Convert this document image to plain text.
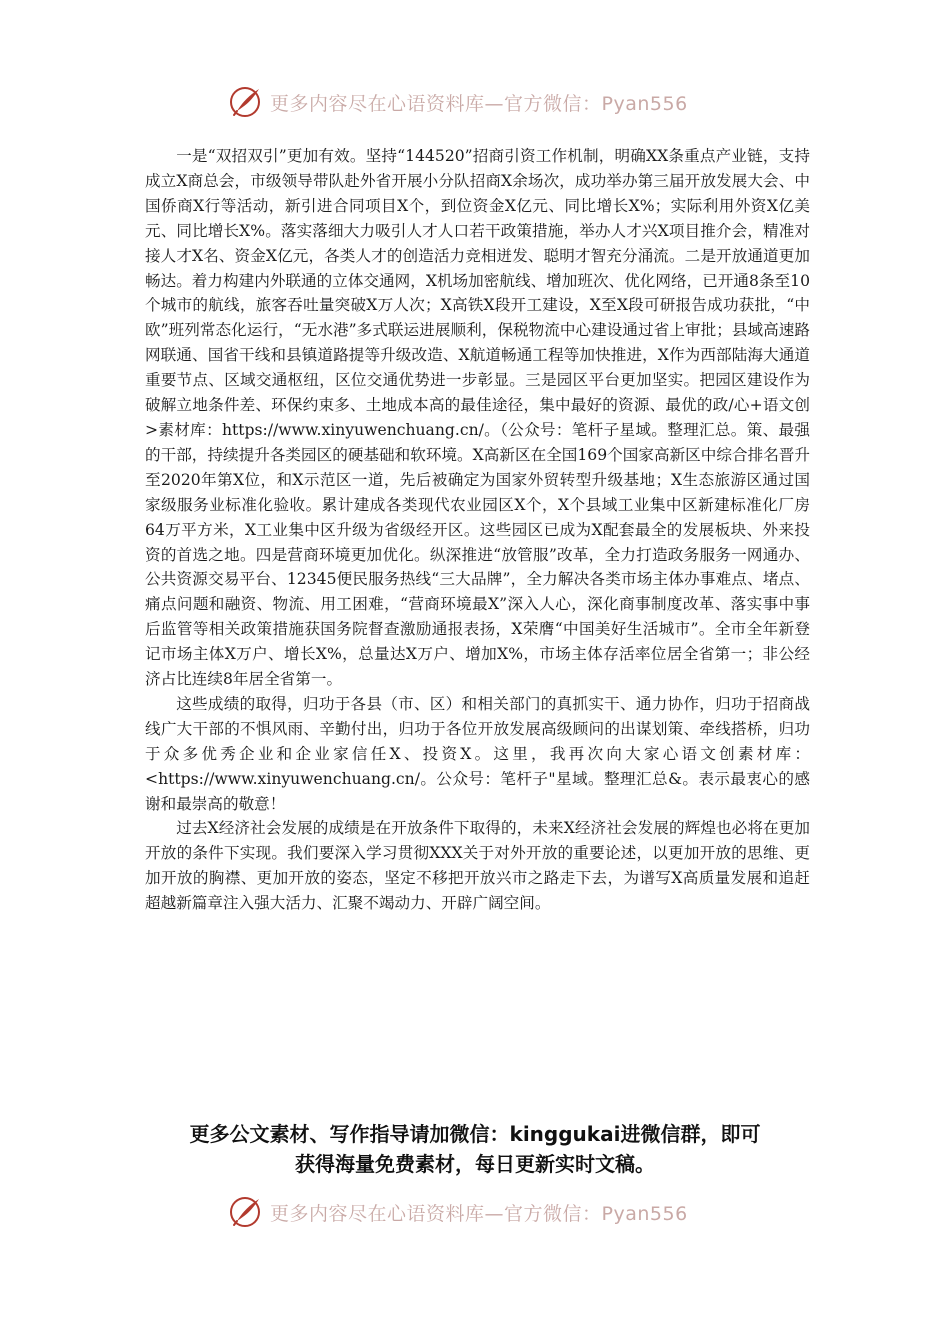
更多内容尽在心语资料库—官方微信：Pyan556

一是“双招双引”更加有效。坚持“144520”招商引资工作机制，明确XX条重点产业链，支持成立X商总会，市级领导带队赴外省开展小分队招商X余场次，成功举办第三届开放发展大会、中国侨商X行等活动，新引进合同项目X个，到位资金X亿元、同比增长X%；实际利用外资X亿美元、同比增长X%。落实落细大力吸引人才人口若干政策措施，举办人才兴X项目推介会，精准对接人才X名、资金X亿元，各类人才的创造活力竞相迸发、聪明才智充分涌流。二是开放通道更加畅达。着力构建内外联通的立体交通网，X机场加密航线、增加班次、优化网络，已开通8条至10个城市的航线，旅客吞吐量突破X万人次；X高铁X段开工建设，X至X段可研报告成功获批，“中欧”班列常态化运行，“无水港”多式联运进展顺利，保税物流中心建设通过省上审批；县域高速路网联通、国省干线和县镇道路提等升级改造、X航道畅通工程等加快推进，X作为西部陆海大通道重要节点、区域交通枢纽，区位交通优势进一步彰显。三是园区平台更加坚实。把园区建设作为破解立地条件差、环保约束多、土地成本高的最佳途径，集中最好的资源、最优的政/心+语文创>素材库：https://www.xinyuwenchuang.cn/。（公众号：笔杆子星域。整理汇总。策、最强的干部，持续提升各类园区的硬基础和软环境。X高新区在全国169个国家高新区中综合排名晋升至2020年第X位，和X示范区一道，先后被确定为国家外贸转型升级基地；X生态旅游区通过国家级服务业标准化验收。累计建成各类现代农业园区X个，X个县域工业集中区新建标准化厂房64万平方米，X工业集中区升级为省级经开区。这些园区已成为X配套最全的发展板块、外来投资的首选之地。四是营商环境更加优化。纵深推进“放管服”改革，全力打造政务服务一网通办、公共资源交易平台、12345便民服务热线“三大品牌”，全力解决各类市场主体办事难点、堵点、痛点问题和融资、物流、用工困难，“营商环境最X”深入人心，深化商事制度改革、落实事中事后监管等相关政策措施获国务院督查激励通报表扬，X荣膺“中国美好生活城市”。全市全年新登记市场主体X万户、增长X%，总量达X万户、增加X%，市场主体存活率位居全省第一；非公经济占比连续8年居全省第一。

这些成绩的取得，归功于各县（市、区）和相关部门的真抓实干、通力协作，归功于招商战线广大干部的不惧风雨、辛勤付出，归功于各位开放发展高级顾问的出谋划策、牵线搭桥，归功于众多优秀企业和企业家信任X、投资X。这里，我再次向大家心语文创素材库：<https://www.xinyuwenchuang.cn/。公众号：笔杆子"星域。整理汇总&。表示最衷心的感谢和最崇高的敬意！

过去X经济社会发展的成绩是在开放条件下取得的，未来X经济社会发展的辉煌也必将在更加开放的条件下实现。我们要深入学习贯彻XXX关于对外开放的重要论述，以更加开放的思维、更加开放的胸襟、更加开放的姿态，坚定不移把开放兴市之路走下去，为谱写X高质量发展和追赶超越新篇章注入强大活力、汇聚不竭动力、开辟广阔空间。

更多公文素材、写作指导请加微信：kinggukai进微信群，即可
获得海量免费素材，每日更新实时文稿。
更多内容尽在心语资料库—官方微信：Pyan556
